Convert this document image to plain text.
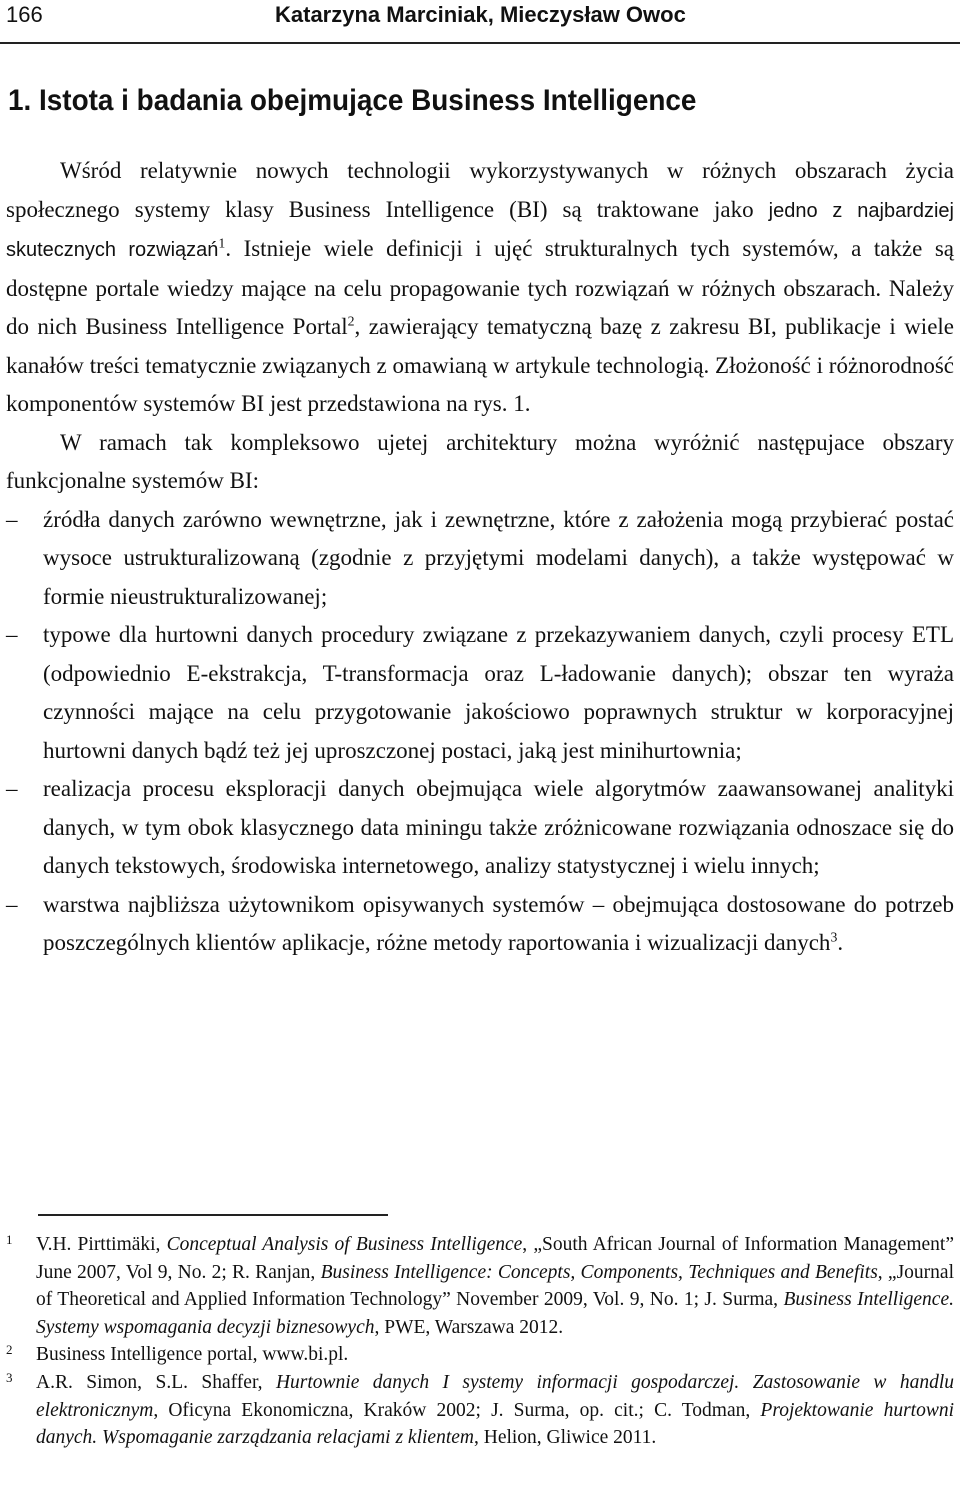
166	Katarzyna Marciniak, Mieczysław Owoc
1. Istota i badania obejmujące Business Intelligence

Wśród relatywnie nowych technologii wykorzystywanych w różnych obszarach życia społecznego systemy klasy Business Intelligence (BI) są traktowane jako jedno z najbardziej skutecznych rozwiązań$^1$. Istnieje wiele definicji i ujęć strukturalnych tych systemów, a także są dostępne portale wiedzy mające na celu propagowanie tych rozwiązań w różnych obszarach. Należy do nich Business Intelligence Portal$^2$, zawierający tematyczną bazę z zakresu BI, publikacje i wiele kanałów treści tematycznie związanych z omawianą w artykule technologią. Złożoność i różnorodność komponentów systemów BI jest przedstawiona na rys. 1.

W ramach tak kompleksowo ujetej architektury można wyróżnić następujace obszary funkcjonalne systemów BI:

– źródła danych zarówno wewnętrzne, jak i zewnętrzne, które z założenia mogą przybierać postać wysoce ustrukturalizowaną (zgodnie z przyjętymi modelami danych), a także występować w formie nieustrukturalizowanej;
– typowe dla hurtowni danych procedury związane z przekazywaniem danych, czyli procesy ETL (odpowiednio E-ekstrakcja, T-transformacja oraz L-ładowanie danych); obszar ten wyraża czynności mające na celu przygotowanie jakościowo poprawnych struktur w korporacyjnej hurtowni danych bądź też jej uproszczonej postaci, jaką jest minihurtownia;
– realizacja procesu eksploracji danych obejmująca wiele algorytmów zaawansowanej analityki danych, w tym obok klasycznego data miningu także zróżnicowane rozwiązania odnoszace się do danych tekstowych, środowiska internetowego, analizy statystycznej i wielu innych;
– warstwa najbliższa użytownikom opisywanych systemów – obejmująca dostosowane do potrzeb poszczególnych klientów aplikacje, różne metody raportowania i wizualizacji danych$^3$.
1 V.H. Pirttimäki, Conceptual Analysis of Business Intelligence, „South African Journal of Information Management” June 2007, Vol 9, No. 2; R. Ranjan, Business Intelligence: Concepts, Components, Techniques and Benefits, „Journal of Theoretical and Applied Information Technology” November 2009, Vol. 9, No. 1; J. Surma, Business Intelligence. Systemy wspomagania decyzji biznesowych, PWE, Warszawa 2012.
2 Business Intelligence portal, www.bi.pl.
3 A.R. Simon, S.L. Shaffer, Hurtownie danych I systemy informacji gospodarczej. Zastosowanie w handlu elektronicznym, Oficyna Ekonomiczna, Kraków 2002; J. Surma, op. cit.; C. Todman, Projektowanie hurtowni danych. Wspomaganie zarządzania relacjami z klientem, Helion, Gliwice 2011.
